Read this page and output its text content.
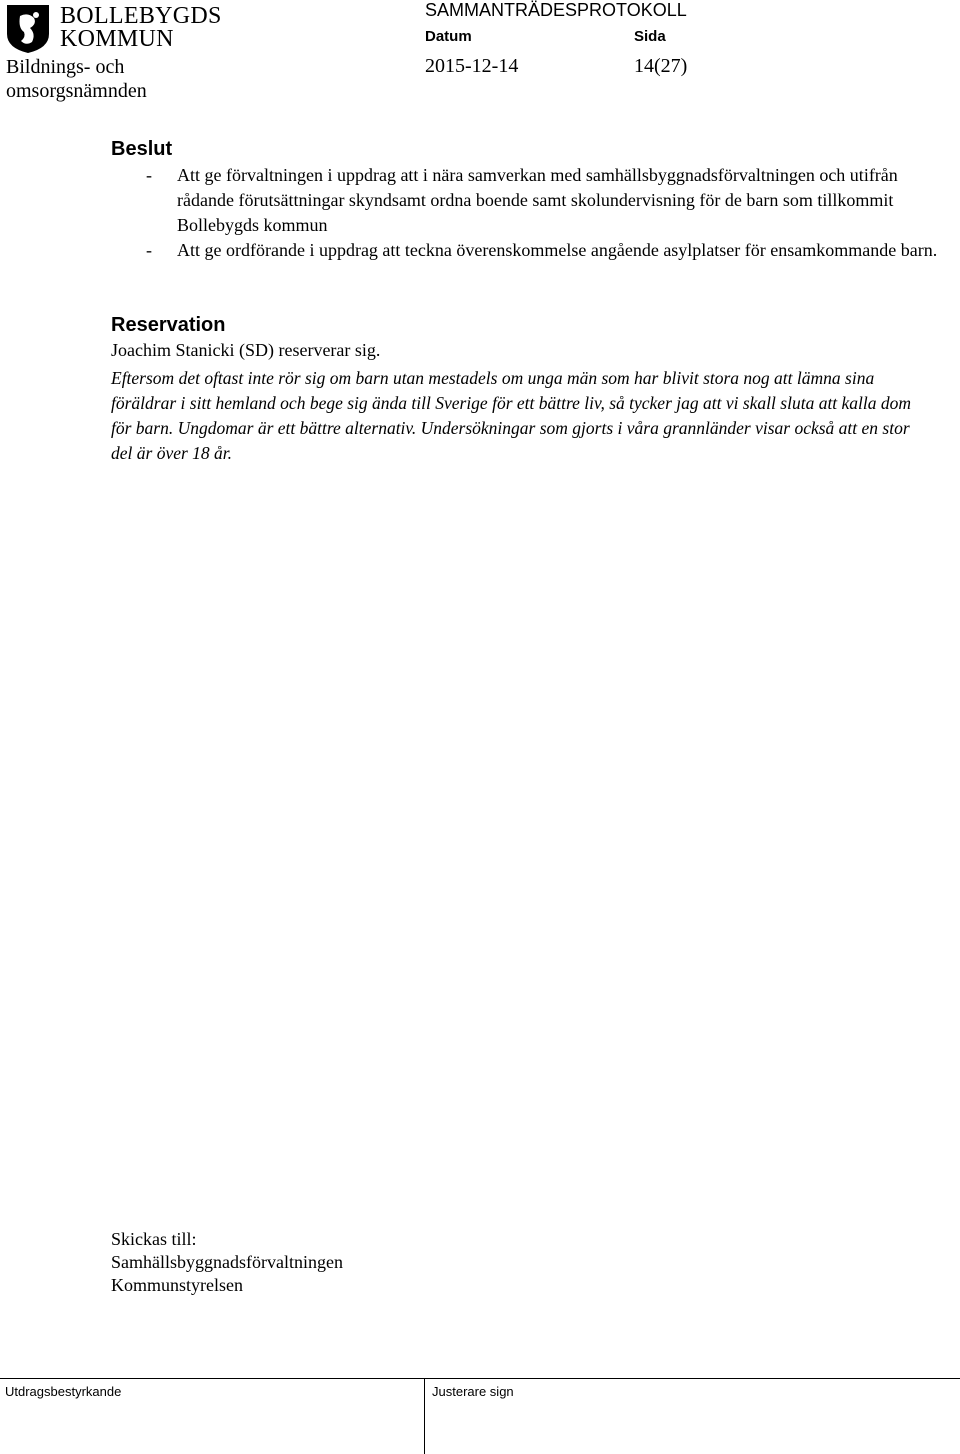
BOLLEBYGDS
KOMMUN
Bildnings- och
omsorgsnämnden
SAMMANTRÄDESPROTOKOLL
Datum	Sida
2015-12-14	14(27)
Beslut
- Att ge förvaltningen i uppdrag att i nära samverkan med samhällsbyggnadsförvaltningen och utifrån rådande förutsättningar skyndsamt ordna boende samt skolundervisning för de barn som tillkommit Bollebygds kommun
- Att ge ordförande i uppdrag att teckna överenskommelse angående asylplatser för ensamkommande barn.
Reservation
Joachim Stanicki (SD) reserverar sig.
Eftersom det oftast inte rör sig om barn utan mestadels om unga män som har blivit stora nog att lämna sina föräldrar i sitt hemland och bege sig ända till Sverige för ett bättre liv, så tycker jag att vi skall sluta att kalla dom för barn. Ungdomar är ett bättre alternativ. Undersökningar som gjorts i våra grannländer visar också att en stor del är över 18 år.
Skickas till:
Samhällsbyggnadsförvaltningen
Kommunstyrelsen
Utdragsbestyrkande	Justerare sign
